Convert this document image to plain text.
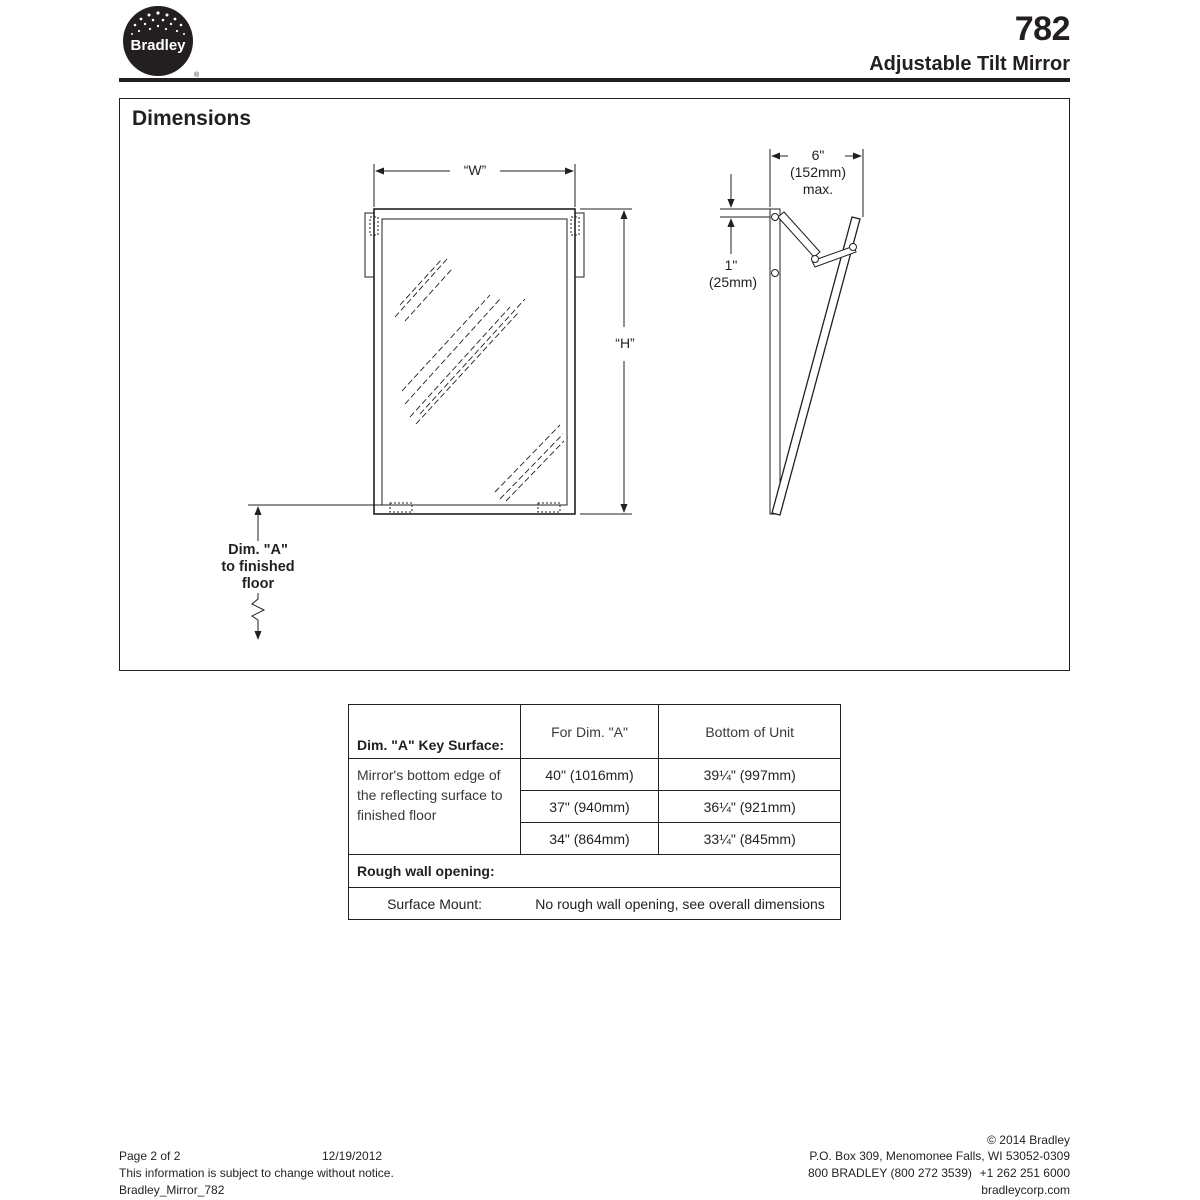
Bradley
®
782
Adjustable Tilt Mirror
Dimensions
“W”
“H”
6"
(152mm)
max.
1"
(25mm)
Dim. "A"
to finished
floor
Dim. "A" Key Surface:	For Dim. "A"	Bottom of Unit
Mirror's bottom edge of the reflecting surface to finished floor	40" (1016mm)	39¼" (997mm)
	37" (940mm)	36¼" (921mm)
	34" (864mm)	33¼" (845mm)
Rough wall opening:		
Surface Mount:	No rough wall opening, see overall dimensions	
Page 2 of 2	12/19/2012
This information is subject to change without notice.
Bradley_Mirror_782
© 2014 Bradley
P.O. Box 309, Menomonee Falls, WI 53052-0309
800 BRADLEY (800 272 3539) +1 262 251 6000
bradleycorp.com
